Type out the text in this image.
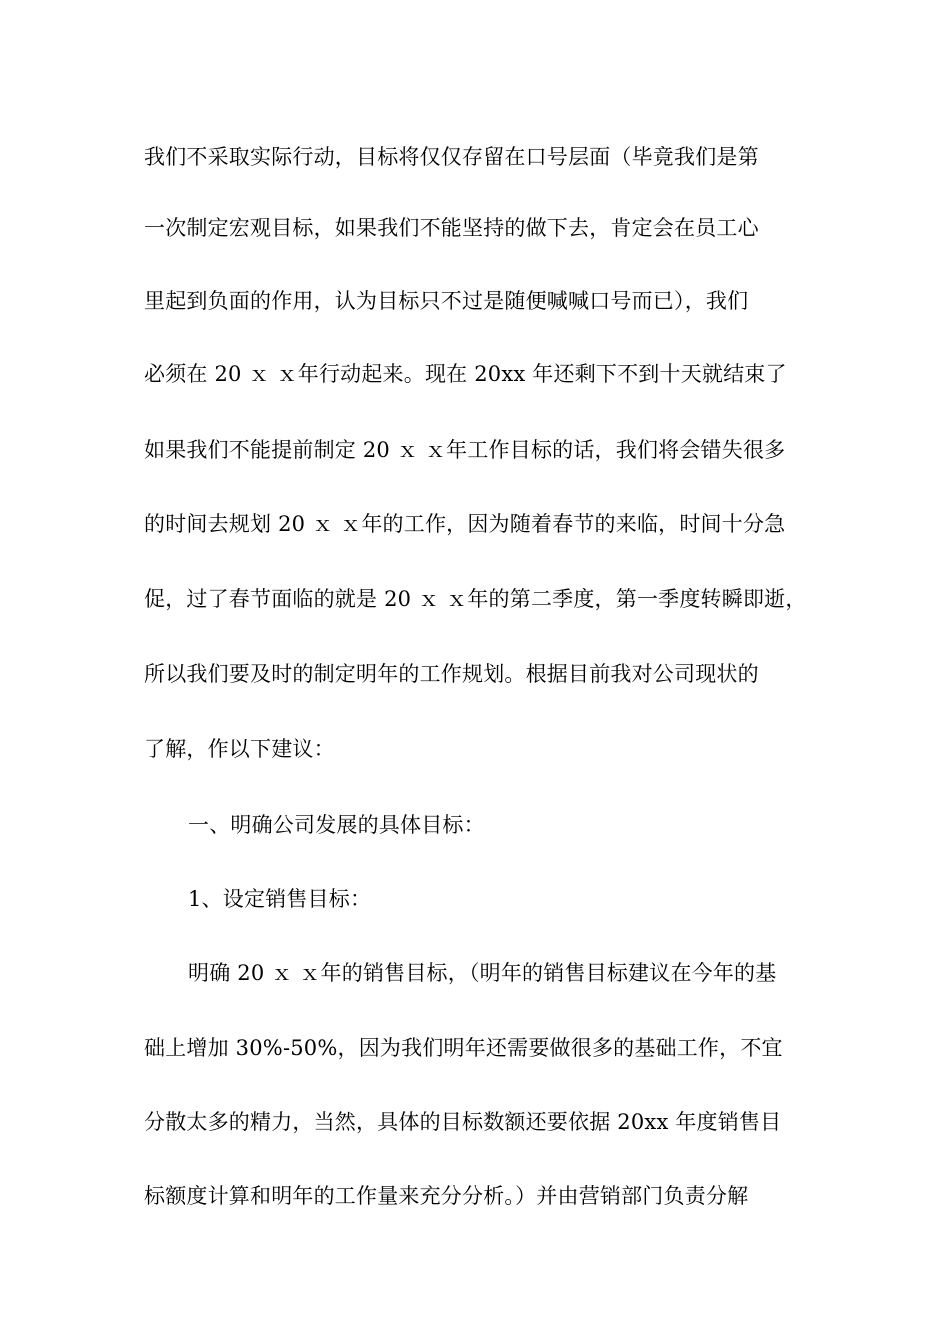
我们不采取实际行动，目标将仅仅存留在口号层面（毕竟我们是第
一次制定宏观目标，如果我们不能坚持的做下去，肯定会在员工心
里起到负面的作用，认为目标只不过是随便喊喊口号而已），我们
必须在 20 ｘ ｘ年行动起来。现在 20xx 年还剩下不到十天就结束了
如果我们不能提前制定 20 ｘ ｘ年工作目标的话，我们将会错失很多
的时间去规划 20 ｘ ｘ年的工作，因为随着春节的来临，时间十分急
促，过了春节面临的就是 20 ｘ ｘ年的第二季度，第一季度转瞬即逝，
所以我们要及时的制定明年的工作规划。根据目前我对公司现状的
了解，作以下建议：
一、明确公司发展的具体目标：
1、设定销售目标：
明确 20 ｘ ｘ年的销售目标，（明年的销售目标建议在今年的基
础上增加 30%-50%，因为我们明年还需要做很多的基础工作，不宜
分散太多的精力，当然，具体的目标数额还要依据 20xx 年度销售目
标额度计算和明年的工作量来充分分析。）并由营销部门负责分解
